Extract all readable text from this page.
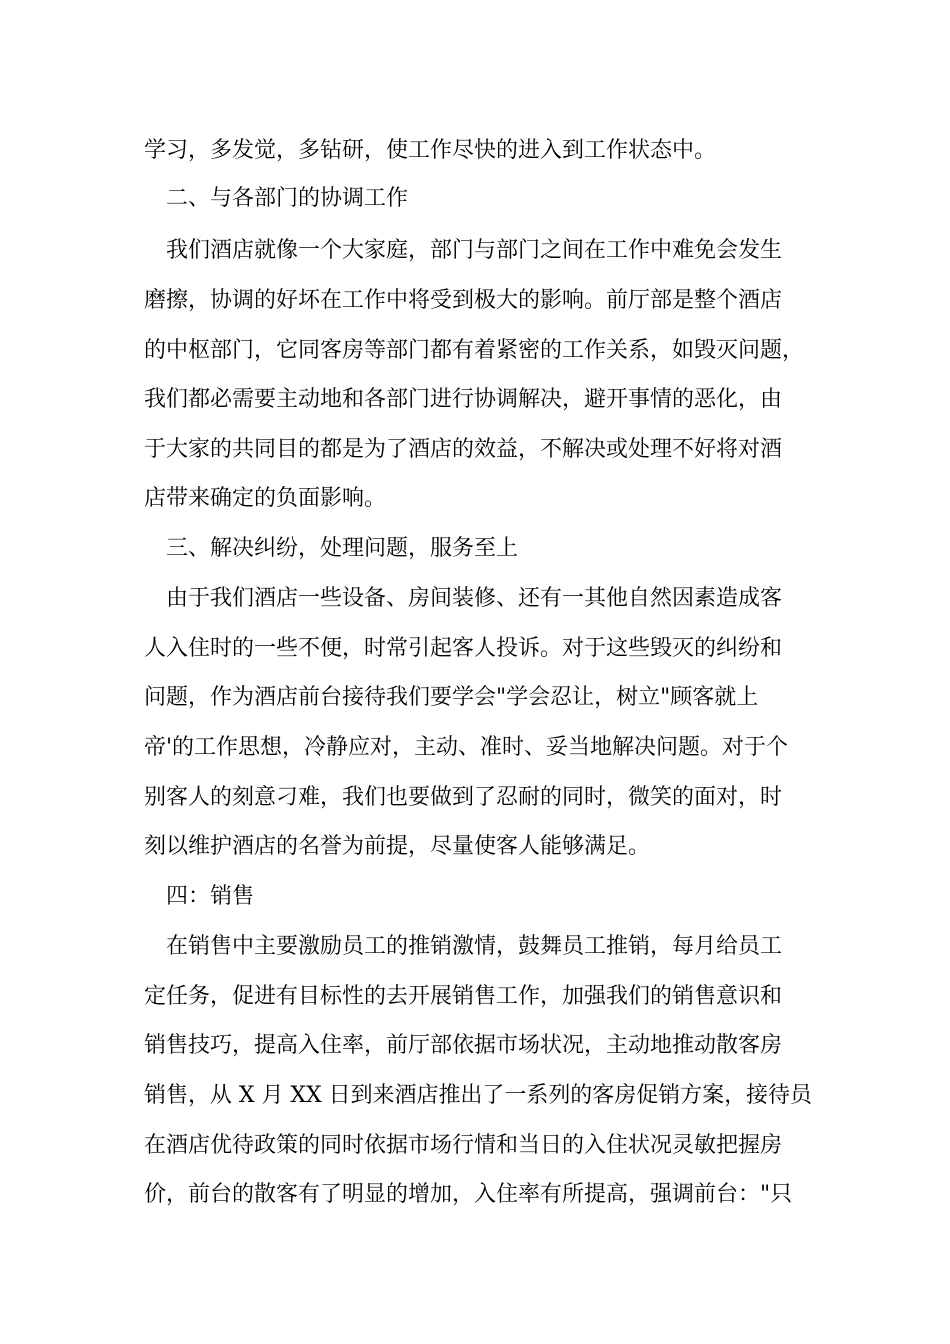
学习，多发觉，多钻研，使工作尽快的进入到工作状态中。
二、与各部门的协调工作
我们酒店就像一个大家庭，部门与部门之间在工作中难免会发生
磨擦，协调的好坏在工作中将受到极大的影响。前厅部是整个酒店
的中枢部门，它同客房等部门都有着紧密的工作关系，如毁灭问题，
我们都必需要主动地和各部门进行协调解决，避开事情的恶化，由
于大家的共同目的都是为了酒店的效益，不解决或处理不好将对酒
店带来确定的负面影响。
三、解决纠纷，处理问题，服务至上
由于我们酒店一些设备、房间装修、还有一其他自然因素造成客
人入住时的一些不便，时常引起客人投诉。对于这些毁灭的纠纷和
问题，作为酒店前台接待我们要学会"学会忍让，树立"顾客就上
帝'的工作思想，冷静应对，主动、准时、妥当地解决问题。对于个
别客人的刻意刁难，我们也要做到了忍耐的同时，微笑的面对，时
刻以维护酒店的名誉为前提，尽量使客人能够满足。
四：销售
在销售中主要激励员工的推销激情，鼓舞员工推销，每月给员工
定任务，促进有目标性的去开展销售工作，加强我们的销售意识和
销售技巧，提高入住率，前厅部依据市场状况，主动地推动散客房
销售，从 X 月 XX 日到来酒店推出了一系列的客房促销方案，接待员
在酒店优待政策的同时依据市场行情和当日的入住状况灵敏把握房
价，前台的散客有了明显的增加，入住率有所提高，强调前台："只
